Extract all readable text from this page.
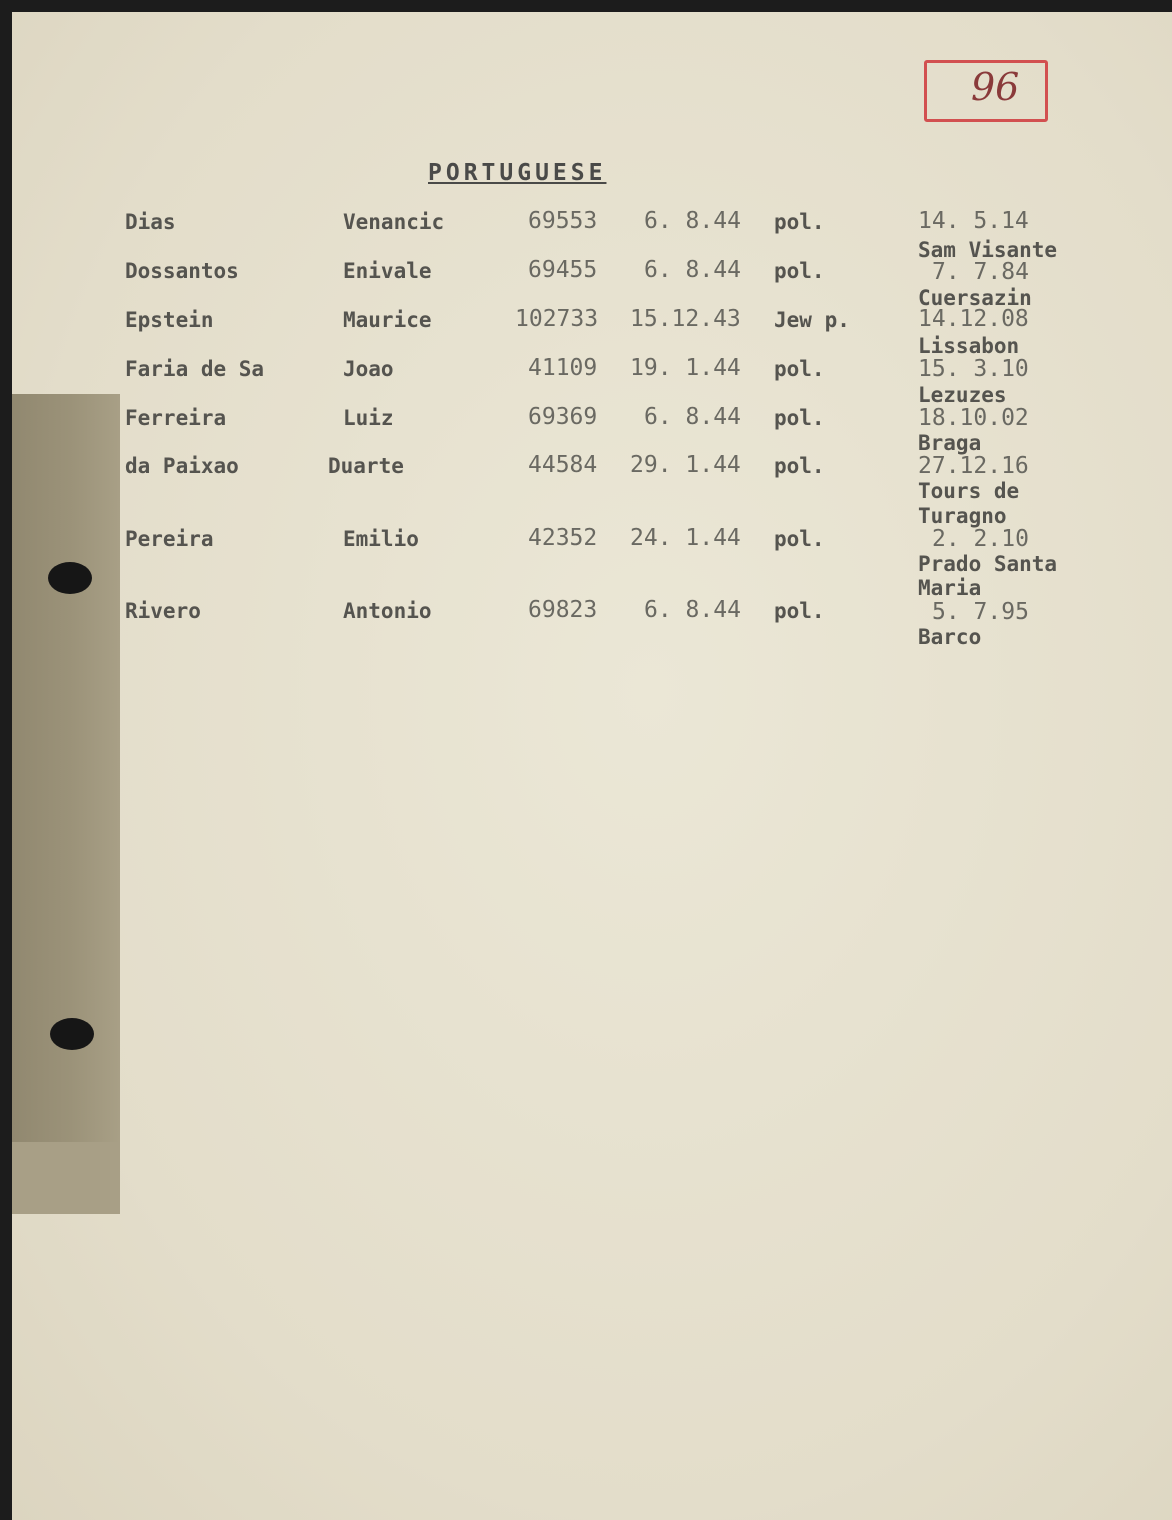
96
PORTUGUESE
Dias	Venancic	69553 6. 8.44 pol.	14. 5.14
Sam Visante
Dossantos	Enivale	69455 6. 8.44 pol.	7. 7.84
Cuersazin
Epstein	Maurice	102733 15.12.43 Jew p.	14.12.08
Lissabon
Faria de Sa	Joao	41109 19. 1.44 pol.	15. 3.10
Lezuzes
Ferreira	Luiz	69369 6. 8.44 pol.	18.10.02
Braga
da Paixao	Duarte	44584 29. 1.44 pol.	27.12.16
Tours de
Turagno
Pereira	Emilio	42352 24. 1.44 pol.	2. 2.10
Prado Santa
Maria
Rivero	Antonio	69823 6. 8.44 pol.	5. 7.95
Barco
